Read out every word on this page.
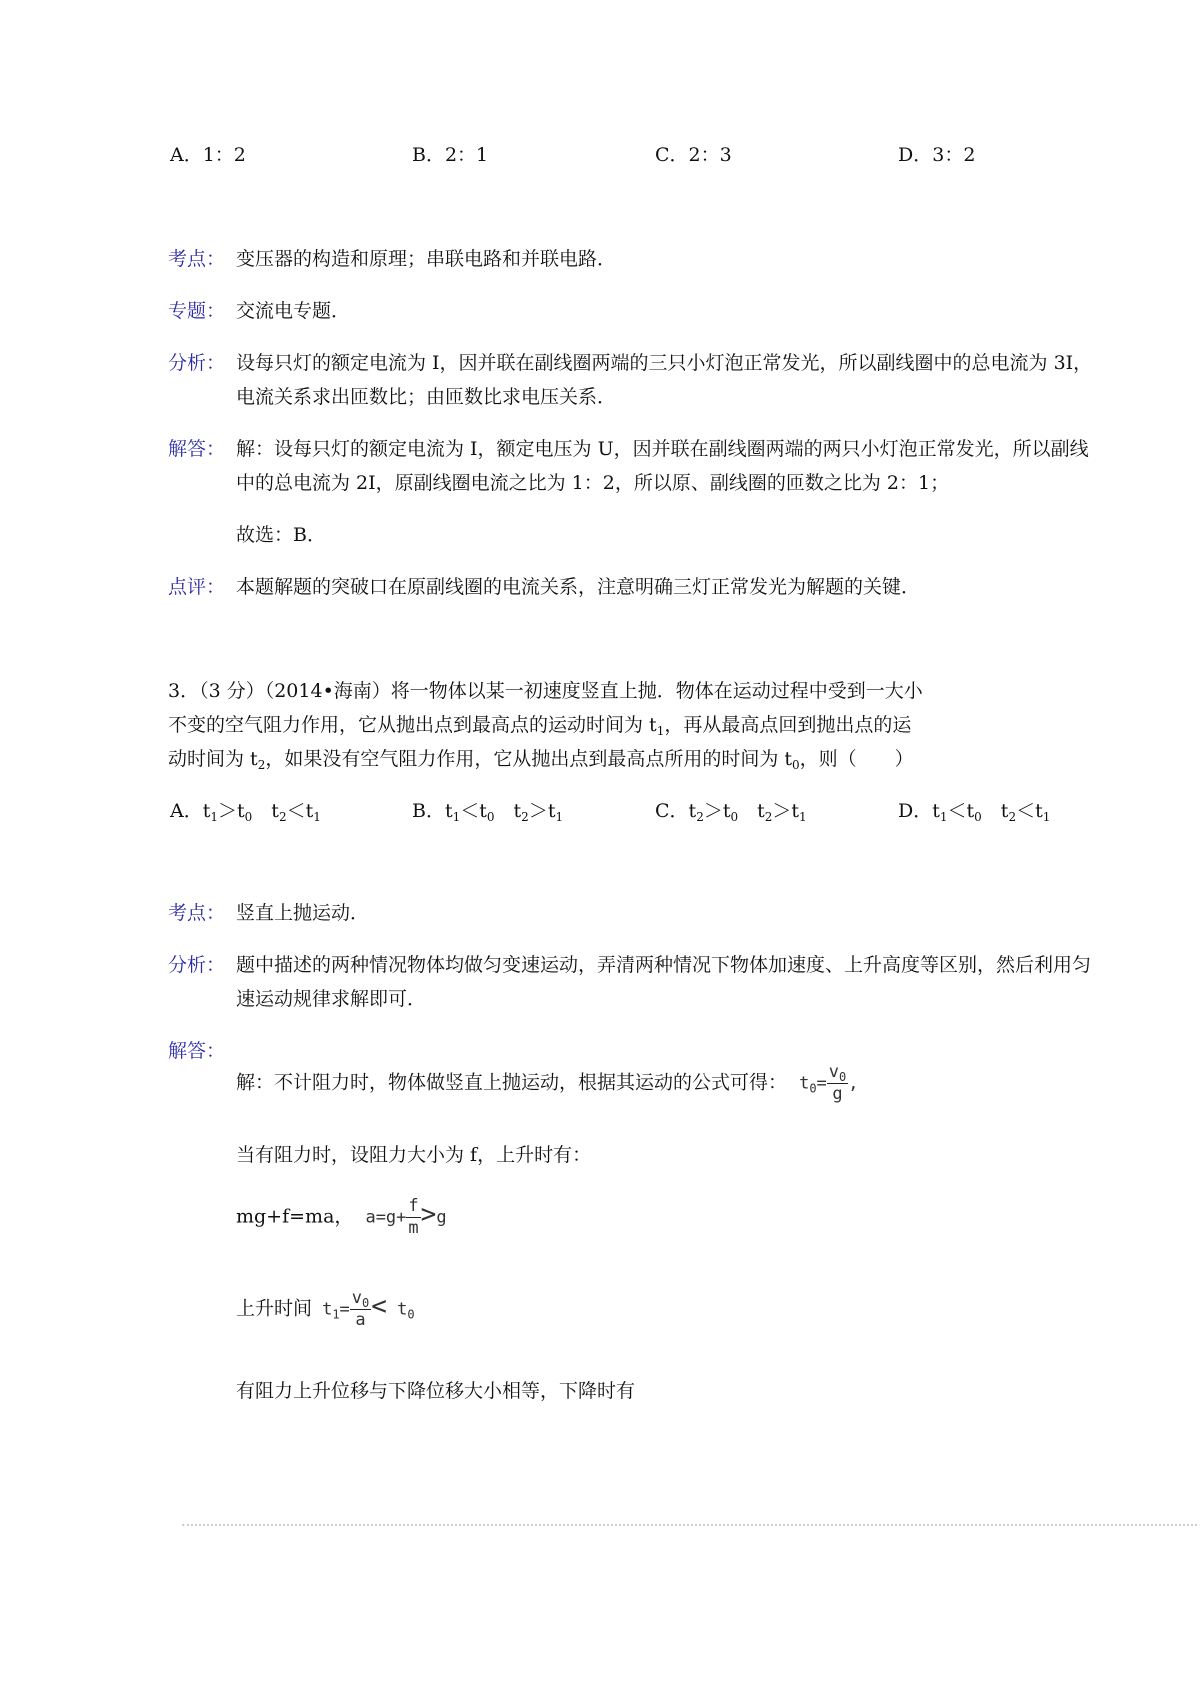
A．1：2	B．2：1	C．2：3	D．3：2
考点： 变压器的构造和原理；串联电路和并联电路．
专题： 交流电专题．
分析： 设每只灯的额定电流为 I，因并联在副线圈两端的三只小灯泡正常发光，所以副线圈中的总电流为 3I，
电流关系求出匝数比；由匝数比求电压关系．
解答： 解：设每只灯的额定电流为 I，额定电压为 U，因并联在副线圈两端的两只小灯泡正常发光，所以副线
中的总电流为 2I，原副线圈电流之比为 1：2，所以原、副线圈的匝数之比为 2：1；
故选：B．
点评： 本题解题的突破口在原副线圈的电流关系，注意明确三灯正常发光为解题的关键．
3．（3 分）（2014•海南）将一物体以某一初速度竖直上抛．物体在运动过程中受到一大小
不变的空气阻力作用，它从抛出点到最高点的运动时间为 $t_1$，再从最高点回到抛出点的运
动时间为 $t_2$，如果没有空气阻力作用，它从抛出点到最高点所用的时间为 $t_0$，则（　　）
A．$t_1>t_0$ $t_2<t_1$	B．$t_1<t_0$ $t_2>t_1$	C．$t_2>t_0$ $t_2>t_1$	D．$t_1<t_0$ $t_2<t_1$
考点： 竖直上抛运动．
分析： 题中描述的两种情况物体均做匀变速运动，弄清两种情况下物体加速度、上升高度等区别，然后利用匀
速运动规律求解即可．
解答：
解：不计阻力时，物体做竖直上抛运动，根据其运动的公式可得： $t_0= \frac{v_0}{g}$ ,
当有阻力时，设阻力大小为 f，上升时有：
mg+f=ma， $a=g+ \frac{f}{m} >g$
上升时间 $t_1= \frac{v_0}{a} < t_0$
有阻力上升位移与下降位移大小相等，下降时有
